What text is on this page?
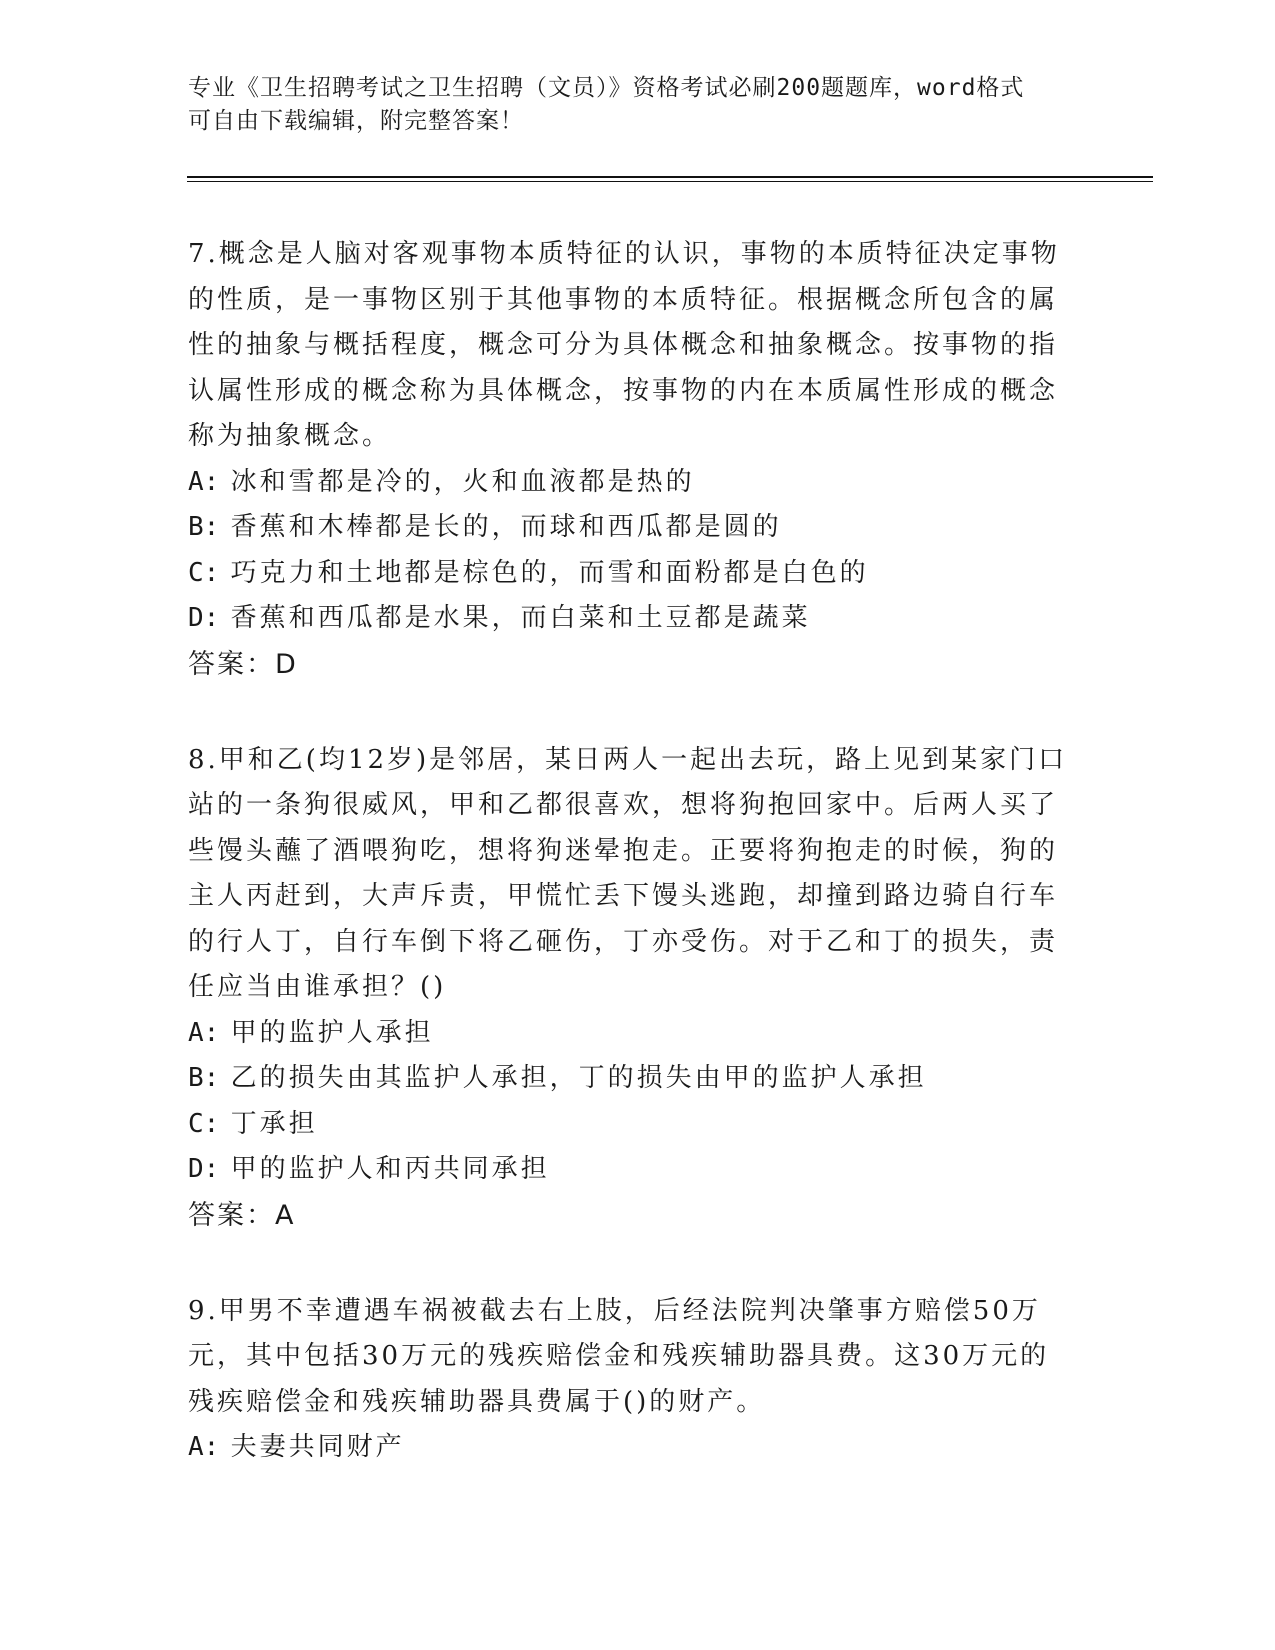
专业《卫生招聘考试之卫生招聘（文员）》资格考试必刷200题题库，word格式
可自由下载编辑，附完整答案！
7.概念是人脑对客观事物本质特征的认识，事物的本质特征决定事物的性质，是一事物区别于其他事物的本质特征。根据概念所包含的属性的抽象与概括程度，概念可分为具体概念和抽象概念。按事物的指认属性形成的概念称为具体概念，按事物的内在本质属性形成的概念称为抽象概念。
A: 冰和雪都是冷的，火和血液都是热的
B: 香蕉和木棒都是长的，而球和西瓜都是圆的
C: 巧克力和土地都是棕色的，而雪和面粉都是白色的
D: 香蕉和西瓜都是水果，而白菜和土豆都是蔬菜
答案：D
8.甲和乙(均12岁)是邻居，某日两人一起出去玩，路上见到某家门口站的一条狗很威风，甲和乙都很喜欢，想将狗抱回家中。后两人买了些馒头蘸了酒喂狗吃，想将狗迷晕抱走。正要将狗抱走的时候，狗的主人丙赶到，大声斥责，甲慌忙丢下馒头逃跑，却撞到路边骑自行车的行人丁，自行车倒下将乙砸伤，丁亦受伤。对于乙和丁的损失，责任应当由谁承担？()
A: 甲的监护人承担
B: 乙的损失由其监护人承担，丁的损失由甲的监护人承担
C: 丁承担
D: 甲的监护人和丙共同承担
答案：A
9.甲男不幸遭遇车祸被截去右上肢，后经法院判决肇事方赔偿50万元，其中包括30万元的残疾赔偿金和残疾辅助器具费。这30万元的残疾赔偿金和残疾辅助器具费属于()的财产。
A: 夫妻共同财产
